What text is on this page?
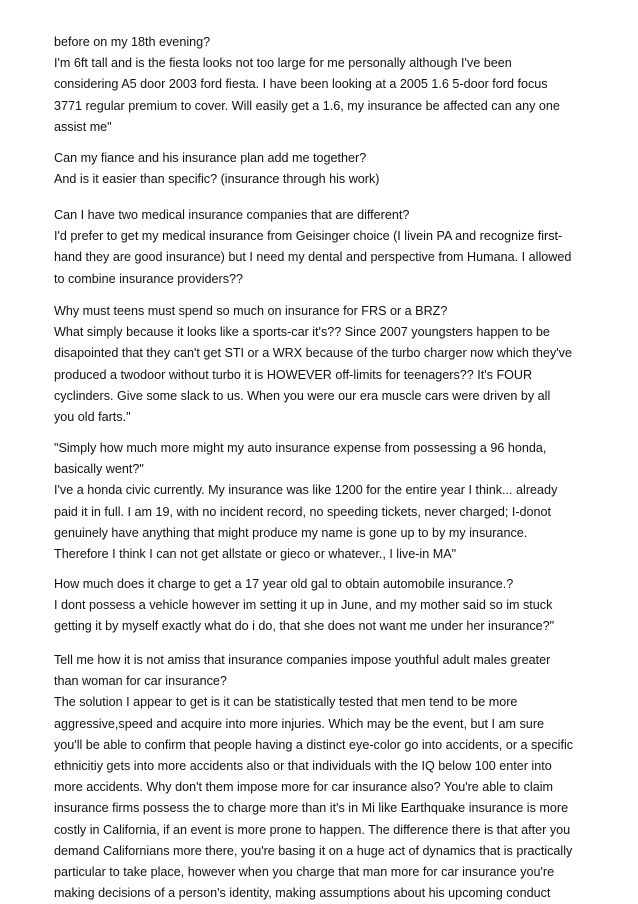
before on my 18th evening?
I'm 6ft tall and is the fiesta looks not too large for me personally although I've been
considering A5 door 2003 ford fiesta. I have been looking at a 2005 1.6 5-door ford focus
3771 regular premium to cover. Will easily get a 1.6, my insurance be affected can any one
assist me"
Can my fiance and his insurance plan add me together?
And is it easier than specific? (insurance through his work)
Can I have two medical insurance companies that are different?
I'd prefer to get my medical insurance from Geisinger choice (I livein PA and recognize first-
hand they are good insurance) but I need my dental and perspective from Humana. I allowed
to combine insurance providers??
Why must teens must spend so much on insurance for FRS or a BRZ?
What simply because it looks like a sports-car it's?? Since 2007 youngsters happen to be
disapointed that they can't get STI or a WRX because of the turbo charger now which they've
produced a twodoor without turbo it is HOWEVER off-limits for teenagers?? It's FOUR
cyclinders. Give some slack to us. When you were our era muscle cars were driven by all
you old farts."
"Simply how much more might my auto insurance expense from possessing a 96 honda,
basically went?"
I've a honda civic currently. My insurance was like 1200 for the entire year I think... already
paid it in full. I am 19, with no incident record, no speeding tickets, never charged; I-donot
genuinely have anything that might produce my name is gone up to by my insurance.
Therefore I think I can not get allstate or gieco or whatever., I live-in MA"
How much does it charge to get a 17 year old gal to obtain automobile insurance.?
I dont possess a vehicle however im setting it up in June, and my mother said so im stuck
getting it by myself exactly what do i do, that she does not want me under her insurance?"
Tell me how it is not amiss that insurance companies impose youthful adult males greater
than woman for car insurance?
The solution I appear to get is it can be statistically tested that men tend to be more
aggressive,speed and acquire into more injuries. Which may be the event, but I am sure
you'll be able to confirm that people having a distinct eye-color go into accidents, or a specific
ethnicitiy gets into more accidents also or that individuals with the IQ below 100 enter into
more accidents. Why don't them impose more for car insurance also? You're able to claim
insurance firms possess the to charge more than it's in Mi like Earthquake insurance is more
costly in California, if an event is more prone to happen. The difference there is that after you
demand Californians more there, you're basing it on a huge act of dynamics that is practically
particular to take place, however when you charge that man more for car insurance you're
making decisions of a person's identity, making assumptions about his upcoming conduct
